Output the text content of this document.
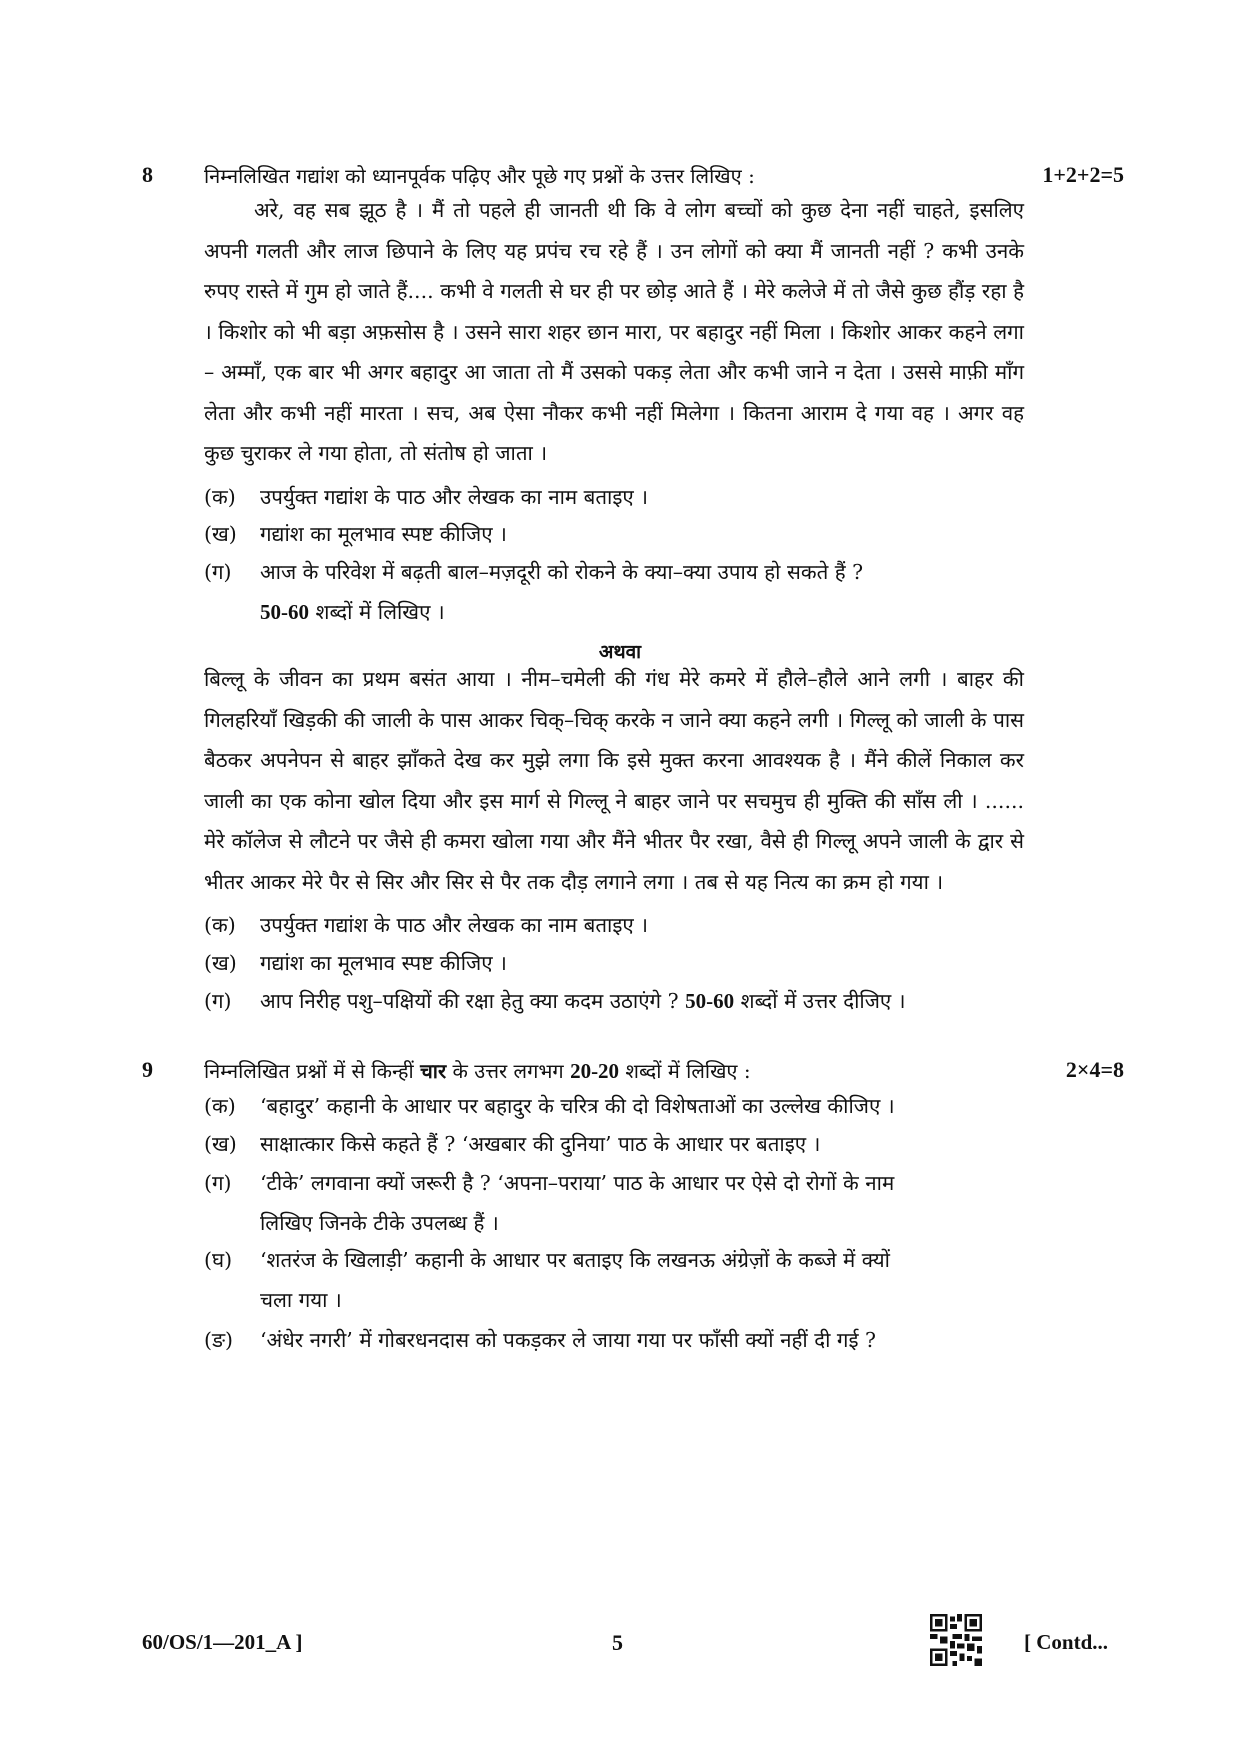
8	निम्नलिखित गद्यांश को ध्यानपूर्वक पढ़िए और पूछे गए प्रश्नों के उत्तर लिखिए :	1+2+2=5
अरे, वह सब झूठ है । मैं तो पहले ही जानती थी कि वे लोग बच्चों को कुछ देना नहीं चाहते, इसलिए अपनी गलती और लाज छिपाने के लिए यह प्रपंच रच रहे हैं । उन लोगों को क्या मैं जानती नहीं ? कभी उनके रुपए रास्ते में गुम हो जाते हैं.... कभी वे गलती से घर ही पर छोड़ आते हैं । मेरे कलेजे में तो जैसे कुछ हौंड़ रहा है । किशोर को भी बड़ा अफ़सोस है । उसने सारा शहर छान मारा, पर बहादुर नहीं मिला । किशोर आकर कहने लगा – अम्माँ, एक बार भी अगर बहादुर आ जाता तो मैं उसको पकड़ लेता और कभी जाने न देता । उससे माफ़ी माँग लेता और कभी नहीं मारता । सच, अब ऐसा नौकर कभी नहीं मिलेगा । कितना आराम दे गया वह । अगर वह कुछ चुराकर ले गया होता, तो संतोष हो जाता ।
(क) उपर्युक्त गद्यांश के पाठ और लेखक का नाम बताइए ।
(ख) गद्यांश का मूलभाव स्पष्ट कीजिए ।
(ग) आज के परिवेश में बढ़ती बाल–मज़दूरी को रोकने के क्या–क्या उपाय हो सकते हैं ?
50-60 शब्दों में लिखिए ।
अथवा
बिल्लू के जीवन का प्रथम बसंत आया । नीम–चमेली की गंध मेरे कमरे में हौले–हौले आने लगी । बाहर की गिलहरियाँ खिड़की की जाली के पास आकर चिक्–चिक् करके न जाने क्या कहने लगी । गिल्लू को जाली के पास बैठकर अपनेपन से बाहर झाँकते देख कर मुझे लगा कि इसे मुक्त करना आवश्यक है । मैंने कीलें निकाल कर जाली का एक कोना खोल दिया और इस मार्ग से गिल्लू ने बाहर जाने पर सचमुच ही मुक्ति की साँस ली । ...... मेरे कॉलेज से लौटने पर जैसे ही कमरा खोला गया और मैंने भीतर पैर रखा, वैसे ही गिल्लू अपने जाली के द्वार से भीतर आकर मेरे पैर से सिर और सिर से पैर तक दौड़ लगाने लगा । तब से यह नित्य का क्रम हो गया ।
(क) उपर्युक्त गद्यांश के पाठ और लेखक का नाम बताइए ।
(ख) गद्यांश का मूलभाव स्पष्ट कीजिए ।
(ग) आप निरीह पशु–पक्षियों की रक्षा हेतु क्या कदम उठाएंगे ? 50-60 शब्दों में उत्तर दीजिए ।
9	निम्नलिखित प्रश्नों में से किन्हीं चार के उत्तर लगभग 20-20 शब्दों में लिखिए :	2×4=8
(क) ‘बहादुर’ कहानी के आधार पर बहादुर के चरित्र की दो विशेषताओं का उल्लेख कीजिए ।
(ख) साक्षात्कार किसे कहते हैं ? ‘अखबार की दुनिया’ पाठ के आधार पर बताइए ।
(ग) ‘टीके’ लगवाना क्यों जरूरी है ? ‘अपना–पराया’ पाठ के आधार पर ऐसे दो रोगों के नाम
लिखिए जिनके टीके उपलब्ध हैं ।
(घ) ‘शतरंज के खिलाड़ी’ कहानी के आधार पर बताइए कि लखनऊ अंग्रेज़ों के कब्जे में क्यों
चला गया ।
(ङ) ‘अंधेर नगरी’ में गोबरधनदास को पकड़कर ले जाया गया पर फाँसी क्यों नहीं दी गई ?
60/OS/1—201_A ]	5	[ Contd...
